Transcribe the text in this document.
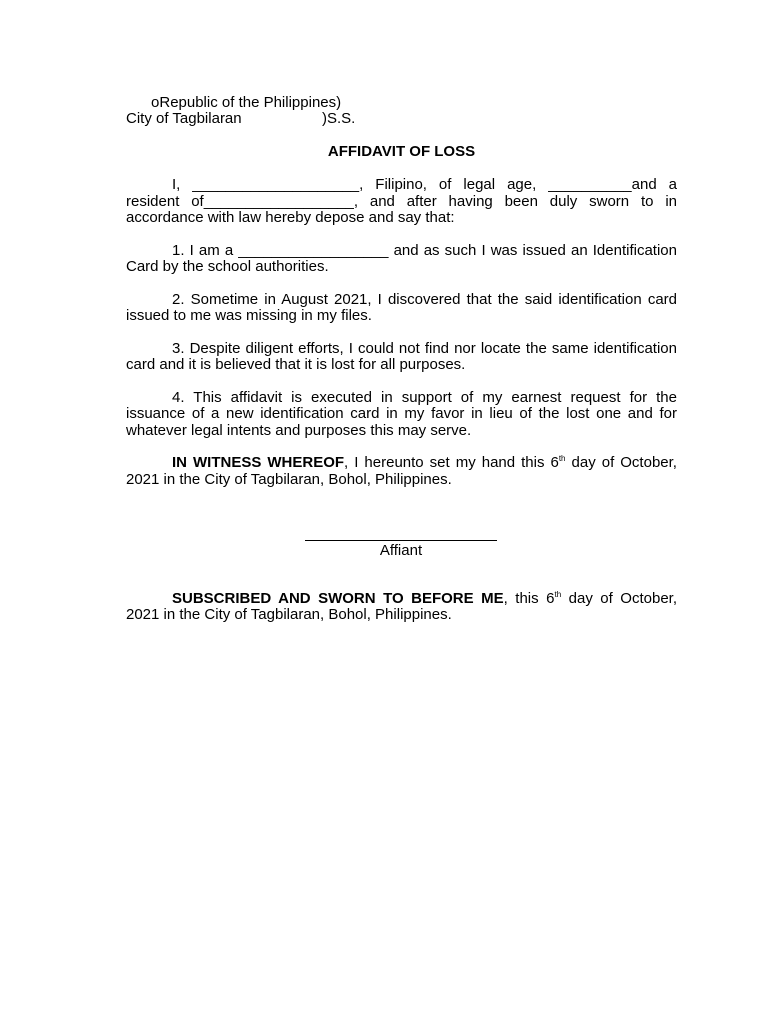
oRepublic of the Philippines)

City of Tagbilaran	)S.S.
AFFIDAVIT OF LOSS

I, ____________________, Filipino, of legal age, __________and a resident of__________________, and after having been duly sworn to in accordance with law hereby depose and say that:

1. I am a __________________ and as such I was issued an Identification Card by the school authorities.

2. Sometime in August 2021, I discovered that the said identification card issued to me was missing in my files.

3. Despite diligent efforts, I could not find nor locate the same identification card and it is believed that it is lost for all purposes.

4. This affidavit is executed in support of my earnest request for the issuance of a new identification card in my favor in lieu of the lost one and for whatever legal intents and purposes this may serve.

IN WITNESS WHEREOF, I hereunto set my hand this 6th day of October, 2021 in the City of Tagbilaran, Bohol, Philippines.

Affiant

SUBSCRIBED AND SWORN TO BEFORE ME, this 6th day of October, 2021 in the City of Tagbilaran, Bohol, Philippines.
